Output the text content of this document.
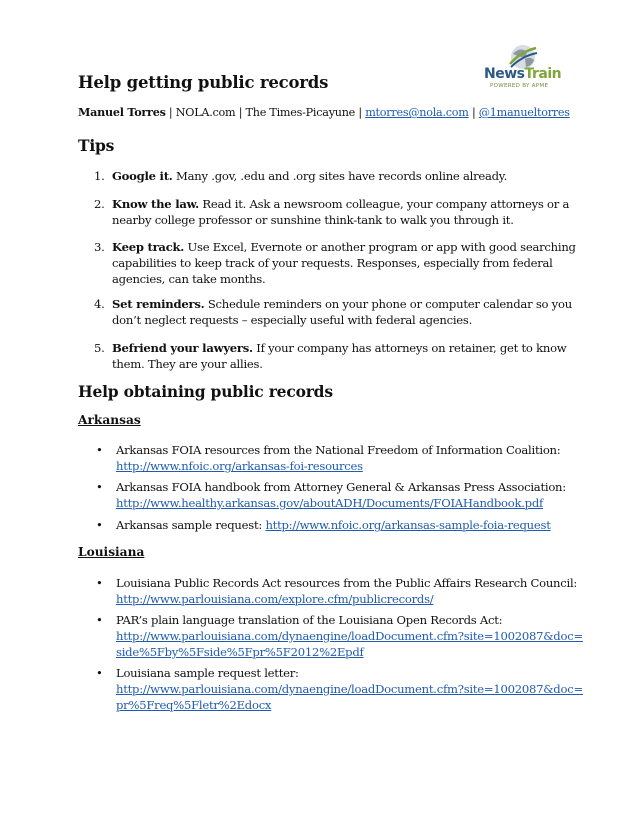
NewsTrain
POWERED BY APME
Help getting public records
Manuel Torres | NOLA.com | The Times-Picayune | mtorres@nola.com | @1manueltorres
Tips
1. Google it. Many .gov, .edu and .org sites have records online already.
2. Know the law. Read it. Ask a newsroom colleague, your company attorneys or a nearby college professor or sunshine think-tank to walk you through it.
3. Keep track. Use Excel, Evernote or another program or app with good searching capabilities to keep track of your requests. Responses, especially from federal agencies, can take months.
4. Set reminders. Schedule reminders on your phone or computer calendar so you don’t neglect requests – especially useful with federal agencies.
5. Befriend your lawyers. If your company has attorneys on retainer, get to know them. They are your allies.
Help obtaining public records
Arkansas
• Arkansas FOIA resources from the National Freedom of Information Coalition:
http://www.nfoic.org/arkansas-foi-resources
• Arkansas FOIA handbook from Attorney General & Arkansas Press Association:
http://www.healthy.arkansas.gov/aboutADH/Documents/FOIAHandbook.pdf
• Arkansas sample request: http://www.nfoic.org/arkansas-sample-foia-request
Louisiana
• Louisiana Public Records Act resources from the Public Affairs Research Council:
http://www.parlouisiana.com/explore.cfm/publicrecords/
• PAR’s plain language translation of the Louisiana Open Records Act:
http://www.parlouisiana.com/dynaengine/loadDocument.cfm?site=1002087&doc=side%5Fby%5Fside%5Fpr%5F2012%2Epdf
• Louisiana sample request letter:
http://www.parlouisiana.com/dynaengine/loadDocument.cfm?site=1002087&doc=pr%5Freq%5Fletr%2Edocx
